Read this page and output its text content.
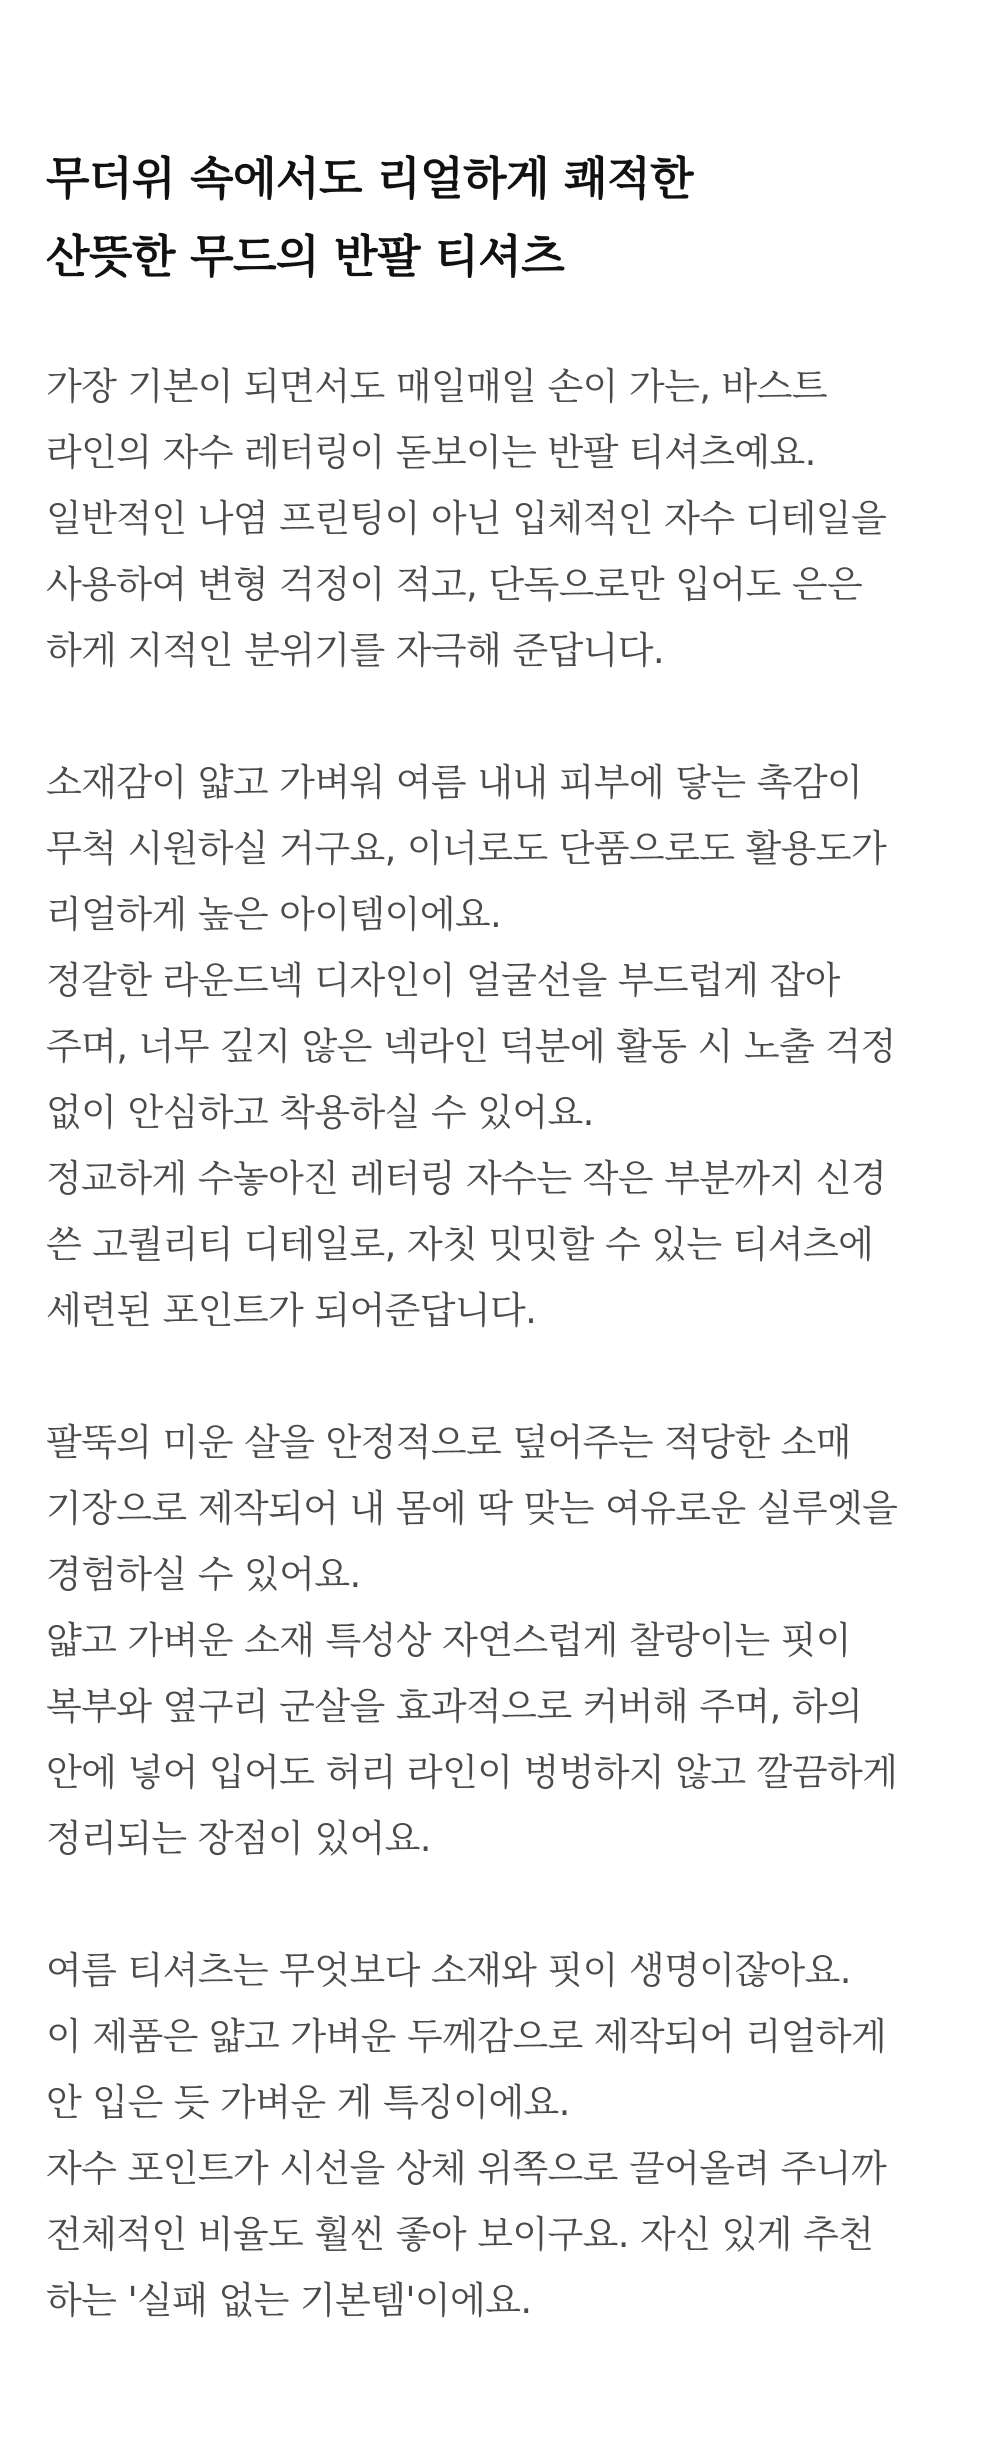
무더위 속에서도 리얼하게 쾌적한
산뜻한 무드의 반팔 티셔츠

가장 기본이 되면서도 매일매일 손이 가는, 바스트
라인의 자수 레터링이 돋보이는 반팔 티셔츠예요.
일반적인 나염 프린팅이 아닌 입체적인 자수 디테일을
사용하여 변형 걱정이 적고, 단독으로만 입어도 은은
하게 지적인 분위기를 자극해 준답니다.

소재감이 얇고 가벼워 여름 내내 피부에 닿는 촉감이
무척 시원하실 거구요, 이너로도 단품으로도 활용도가
리얼하게 높은 아이템이에요.
정갈한 라운드넥 디자인이 얼굴선을 부드럽게 잡아
주며, 너무 깊지 않은 넥라인 덕분에 활동 시 노출 걱정
없이 안심하고 착용하실 수 있어요.
정교하게 수놓아진 레터링 자수는 작은 부분까지 신경
쓴 고퀄리티 디테일로, 자칫 밋밋할 수 있는 티셔츠에
세련된 포인트가 되어준답니다.

팔뚝의 미운 살을 안정적으로 덮어주는 적당한 소매
기장으로 제작되어 내 몸에 딱 맞는 여유로운 실루엣을
경험하실 수 있어요.
얇고 가벼운 소재 특성상 자연스럽게 찰랑이는 핏이
복부와 옆구리 군살을 효과적으로 커버해 주며, 하의
안에 넣어 입어도 허리 라인이 벙벙하지 않고 깔끔하게
정리되는 장점이 있어요.

여름 티셔츠는 무엇보다 소재와 핏이 생명이잖아요.
이 제품은 얇고 가벼운 두께감으로 제작되어 리얼하게
안 입은 듯 가벼운 게 특징이에요.
자수 포인트가 시선을 상체 위쪽으로 끌어올려 주니까
전체적인 비율도 훨씬 좋아 보이구요. 자신 있게 추천
하는 '실패 없는 기본템'이에요.
